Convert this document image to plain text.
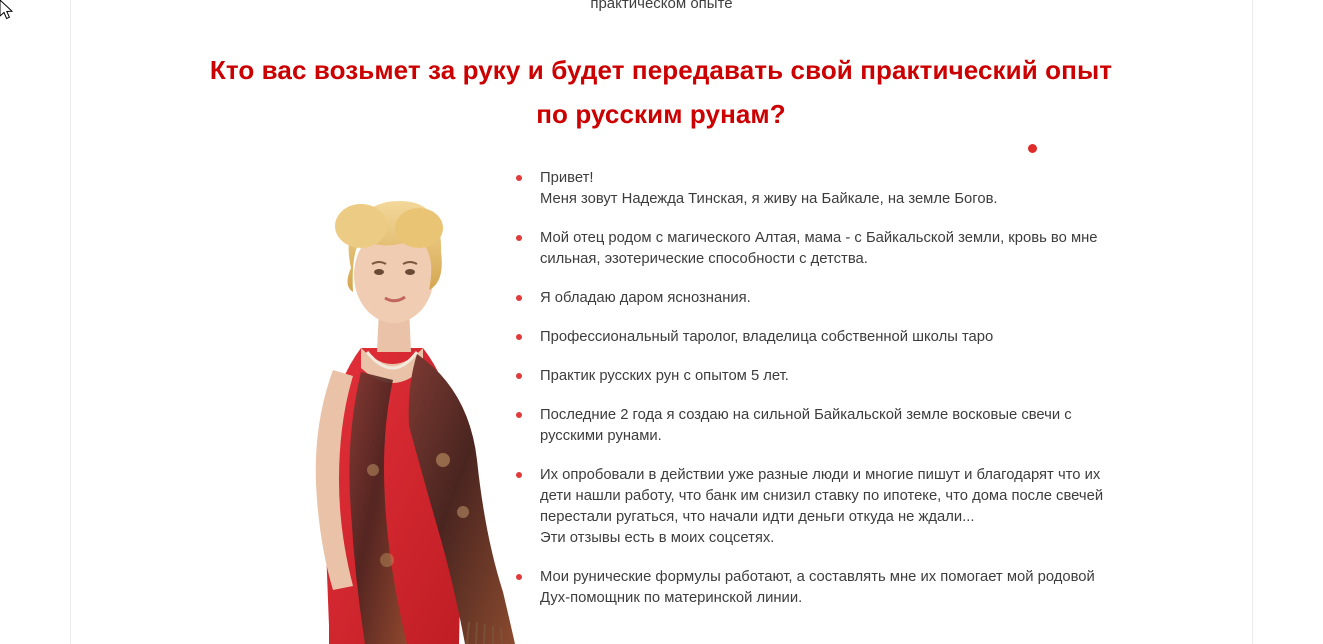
практическом опыте
Кто вас возьмет за руку и будет передавать свой практический опыт
по русским рунам?
Привет!
Меня зовут Надежда Тинская, я живу на Байкале, на земле Богов.
Мой отец родом с магического Алтая, мама - с Байкальской земли, кровь во мне
сильная, эзотерические способности с детства.
Я обладаю даром яснознания.
Профессиональный таролог, владелица собственной школы таро
Практик русских рун с опытом 5 лет.
Последние 2 года я создаю на сильной Байкальской земле восковые свечи с
русскими рунами.
Их опробовали в действии уже разные люди и многие пишут и благодарят что их
дети нашли работу, что банк им снизил ставку по ипотеке, что дома после свечей
перестали ругаться, что начали идти деньги откуда не ждали...
Эти отзывы есть в моих соцсетях.
Мои рунические формулы работают, а составлять мне их помогает мой родовой
Дух-помощник по материнской линии.
